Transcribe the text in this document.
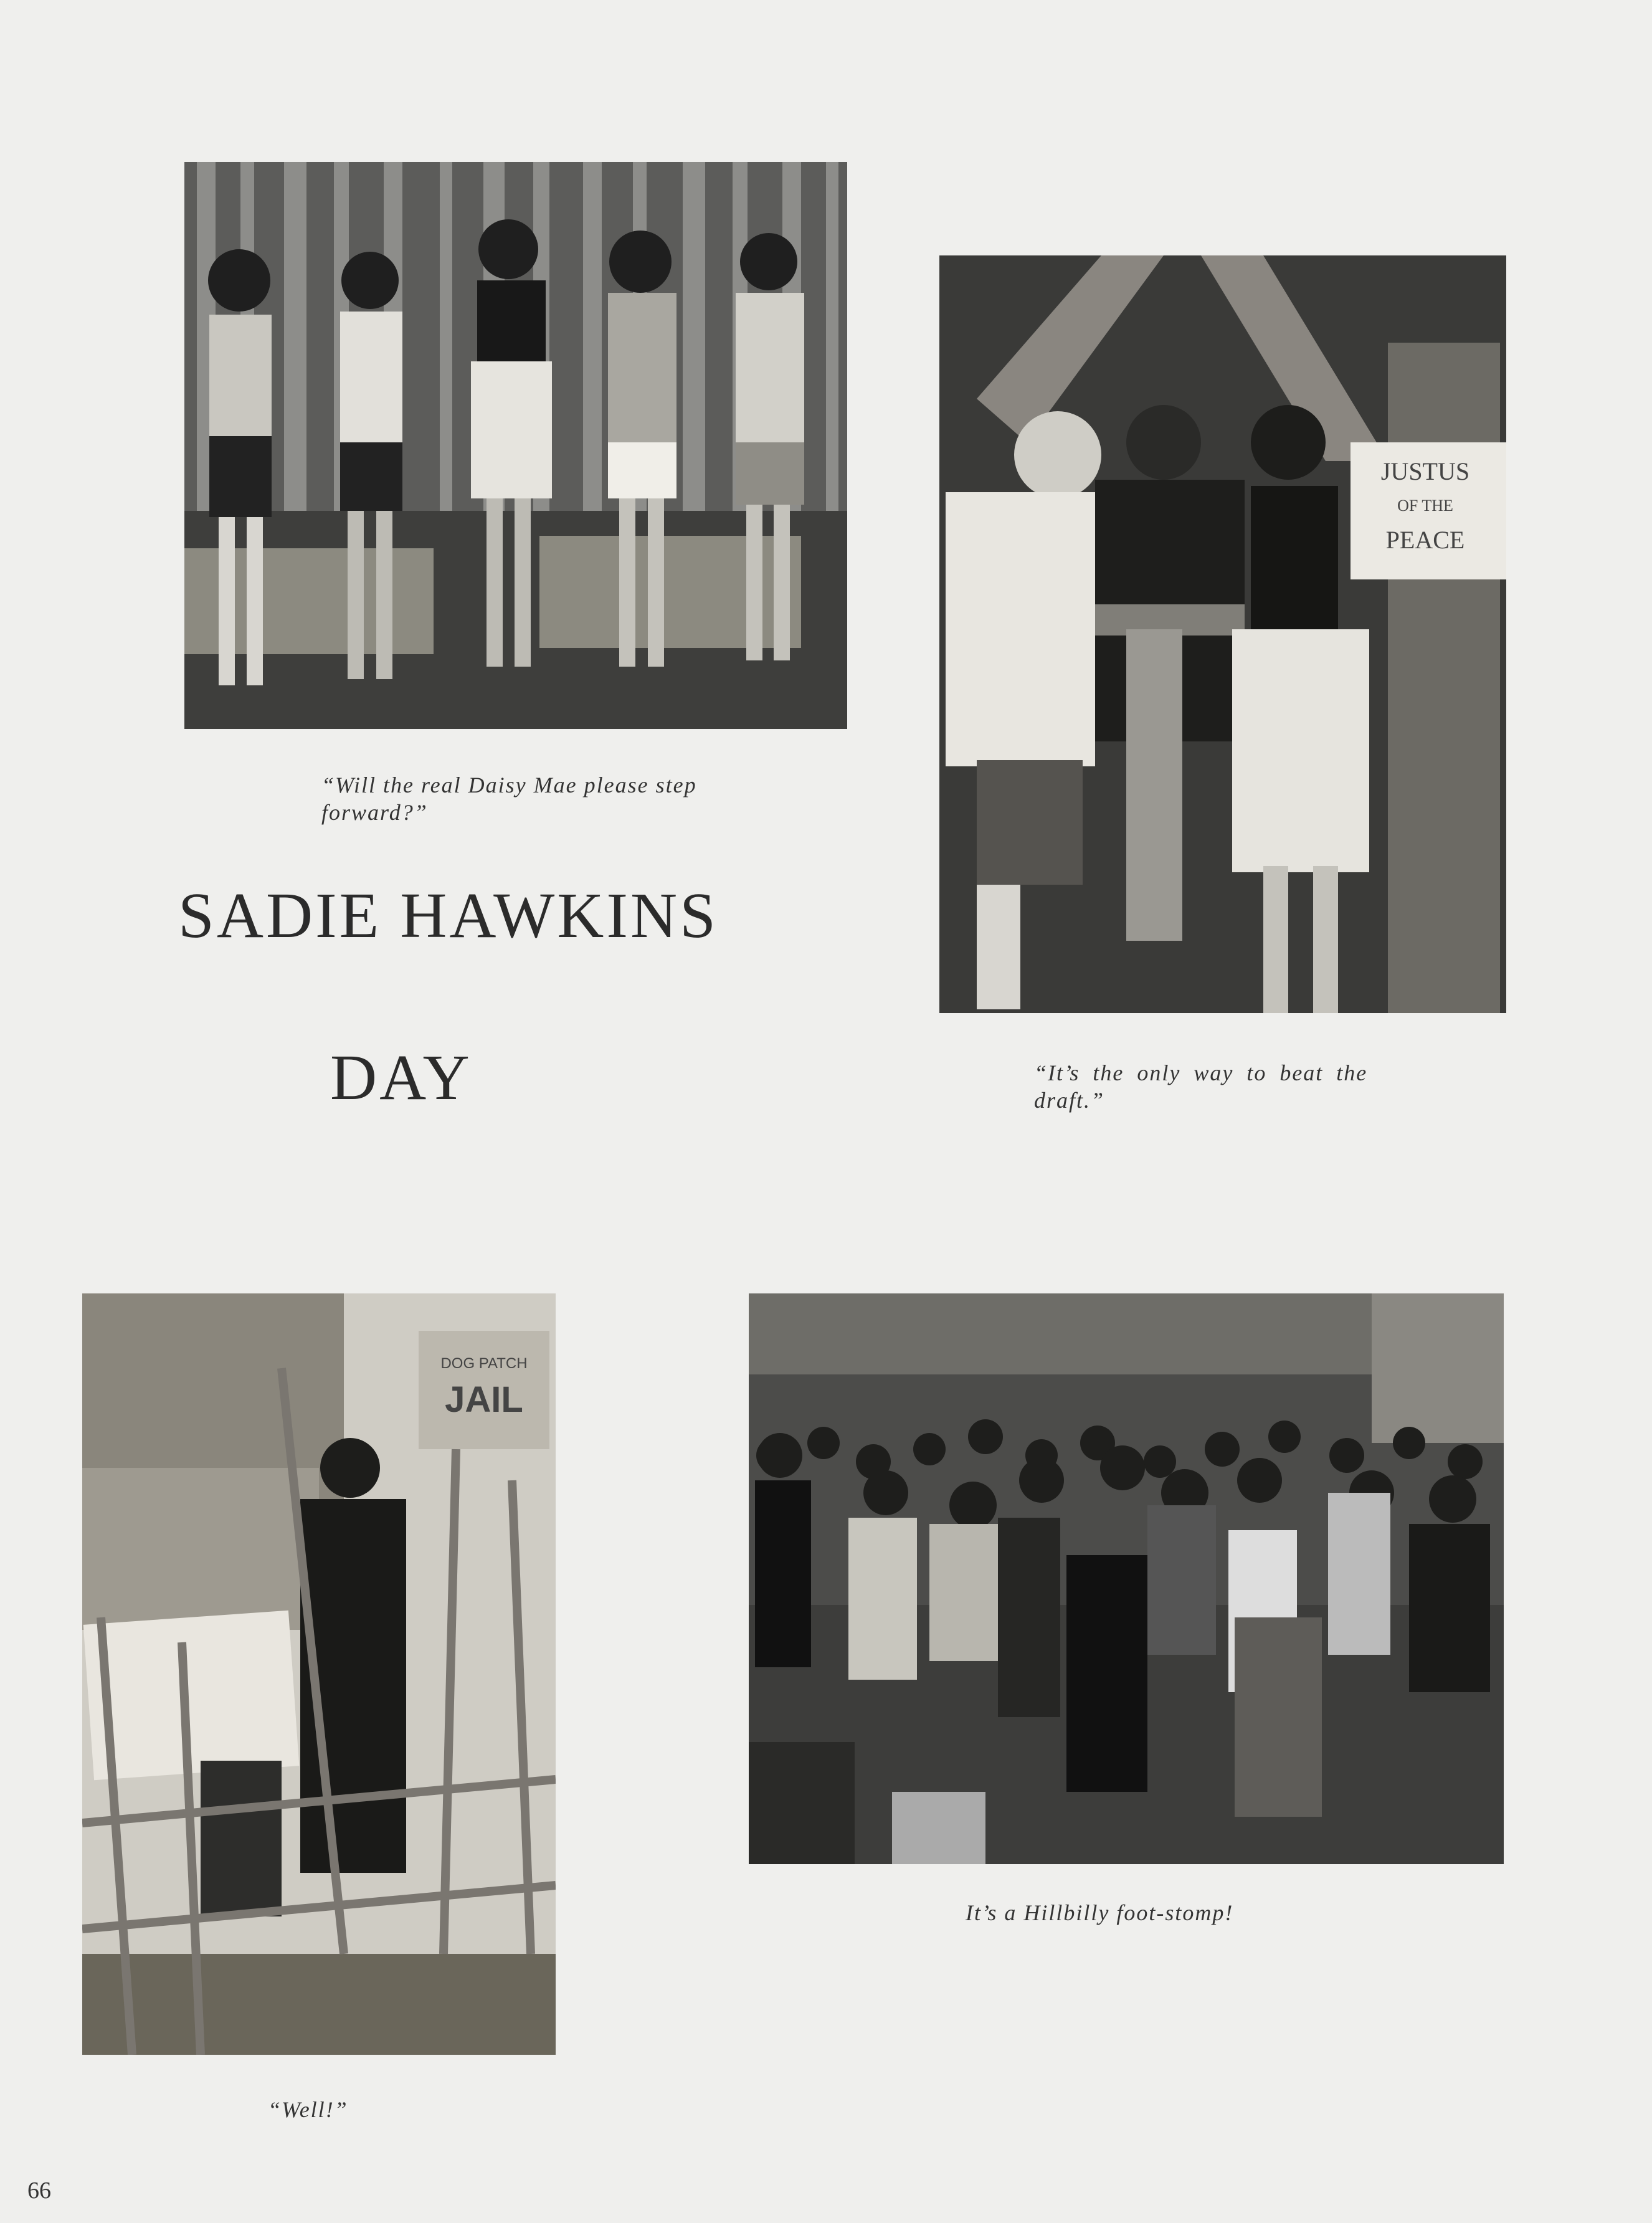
“Will the real Daisy Mae please step forward?”
SADIE HAWKINS
DAY
JUSTUS
OF THE
PEACE
“It’s the only way to beat the draft.”
DOG PATCH
JAIL
“Well!”
It’s a Hillbilly foot-stomp!
66
